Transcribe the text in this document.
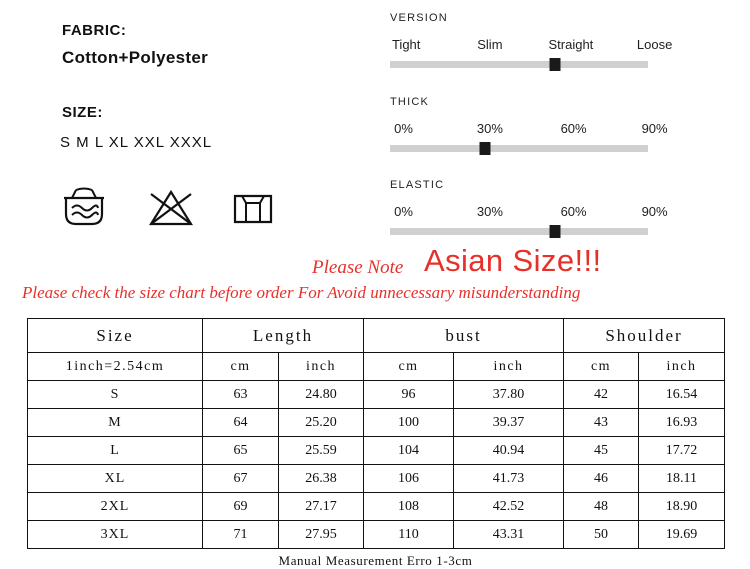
FABRIC:
Cotton+Polyester
SIZE:
S M L XL XXL XXXL
VERSION
Tight	Slim	Straight	Loose
THICK
0%	30%	60%	90%
ELASTIC
0%	30%	60%	90%
Please Note Asian Size!!!
Please check the size chart before order For Avoid unnecessary misunderstanding
Size	Length		bust		Shoulder	
1inch=2.54cm	cm	inch	cm	inch	cm	inch
S	63	24.80	96	37.80	42	16.54
M	64	25.20	100	39.37	43	16.93
L	65	25.59	104	40.94	45	17.72
XL	67	26.38	106	41.73	46	18.11
2XL	69	27.17	108	42.52	48	18.90
3XL	71	27.95	110	43.31	50	19.69
Manual Measurement Erro 1-3cm
